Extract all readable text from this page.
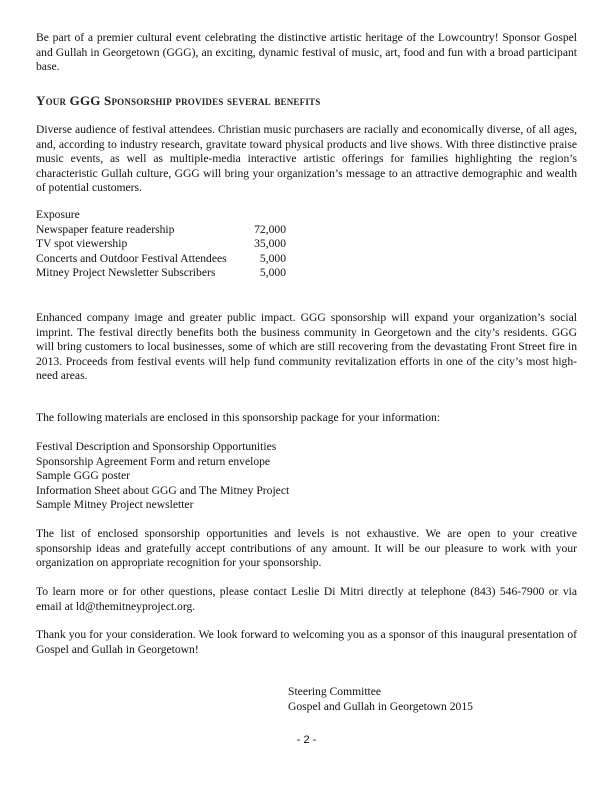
Be part of a premier cultural event celebrating the distinctive artistic heritage of the Lowcountry! Sponsor Gospel and Gullah in Georgetown (GGG), an exciting, dynamic festival of music, art, food and fun with a broad participant base.

Your GGG Sponsorship provides several benefits

Diverse audience of festival attendees. Christian music purchasers are racially and economically diverse, of all ages, and, according to industry research, gravitate toward physical products and live shows. With three distinctive praise music events, as well as multiple-media interactive artistic offerings for families highlighting the region’s characteristic Gullah culture, GGG will bring your organization’s message to an attractive demographic and wealth of potential customers.

Exposure
Newspaper feature readership	72,000
TV spot viewership	35,000
Concerts and Outdoor Festival Attendees	5,000
Mitney Project Newsletter Subscribers	5,000

Enhanced company image and greater public impact. GGG sponsorship will expand your organization’s social imprint. The festival directly benefits both the business community in Georgetown and the city’s residents. GGG will bring customers to local businesses, some of which are still recovering from the devastating Front Street fire in 2013. Proceeds from festival events will help fund community revitalization efforts in one of the city’s most high-need areas.

The following materials are enclosed in this sponsorship package for your information:

Festival Description and Sponsorship Opportunities
Sponsorship Agreement Form and return envelope
Sample GGG poster
Information Sheet about GGG and The Mitney Project
Sample Mitney Project newsletter

The list of enclosed sponsorship opportunities and levels is not exhaustive. We are open to your creative sponsorship ideas and gratefully accept contributions of any amount. It will be our pleasure to work with your organization on appropriate recognition for your sponsorship.

To learn more or for other questions, please contact Leslie Di Mitri directly at telephone (843) 546-7900 or via email at ld@themitneyproject.org.

Thank you for your consideration. We look forward to welcoming you as a sponsor of this inaugural presentation of Gospel and Gullah in Georgetown!

Steering Committee
Gospel and Gullah in Georgetown 2015
- 2 -
